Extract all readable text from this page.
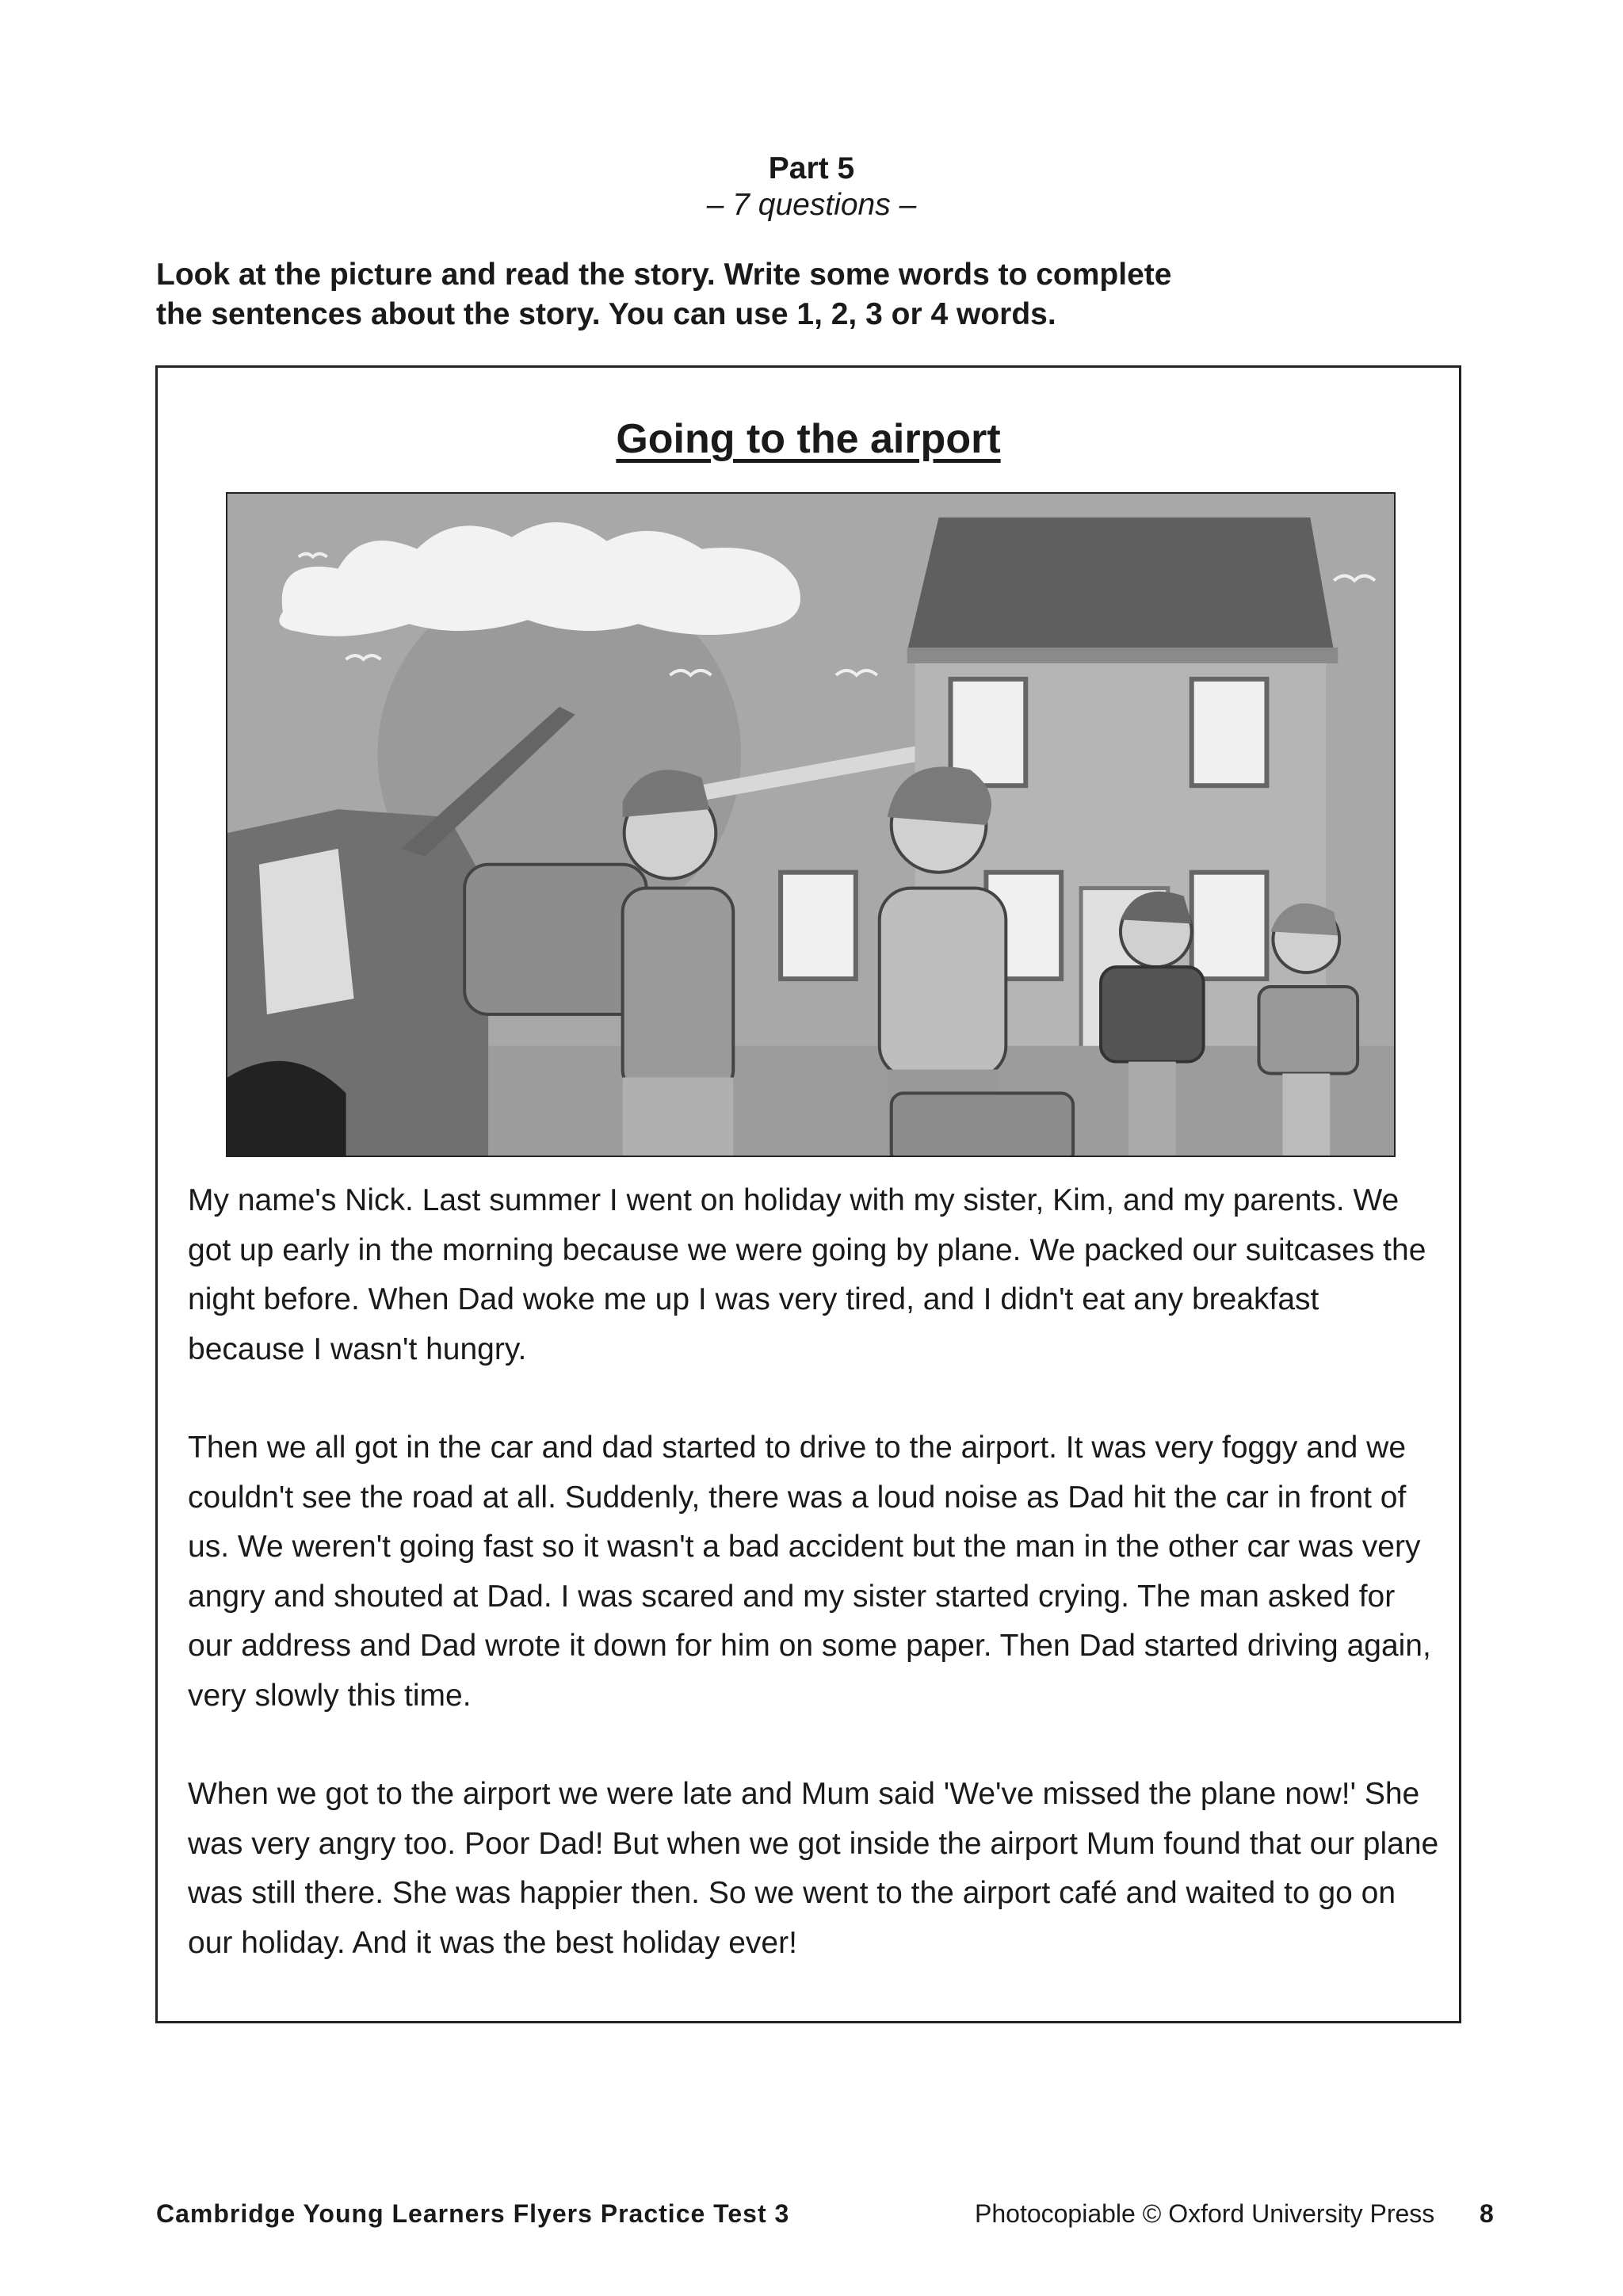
Part 5
– 7 questions –
Look at the picture and read the story. Write some words to complete
the sentences about the story. You can use 1, 2, 3 or 4 words.
Going to the airport

My name's Nick. Last summer I went on holiday with my sister, Kim, and my parents. We got up early in the morning because we were going by plane. We packed our suitcases the night before. When Dad woke me up I was very tired, and I didn't eat any breakfast because I wasn't hungry.

Then we all got in the car and dad started to drive to the airport. It was very foggy and we couldn't see the road at all. Suddenly, there was a loud noise as Dad hit the car in front of us. We weren't going fast so it wasn't a bad accident but the man in the other car was very angry and shouted at Dad. I was scared and my sister started crying. The man asked for our address and Dad wrote it down for him on some paper. Then Dad started driving again, very slowly this time.

When we got to the airport we were late and Mum said 'We've missed the plane now!' She was very angry too. Poor Dad! But when we got inside the airport Mum found that our plane was still there. She was happier then. So we went to the airport café and waited to go on our holiday. And it was the best holiday ever!

Cambridge Young Learners Flyers Practice Test 3	Photocopiable © Oxford University Press 8
